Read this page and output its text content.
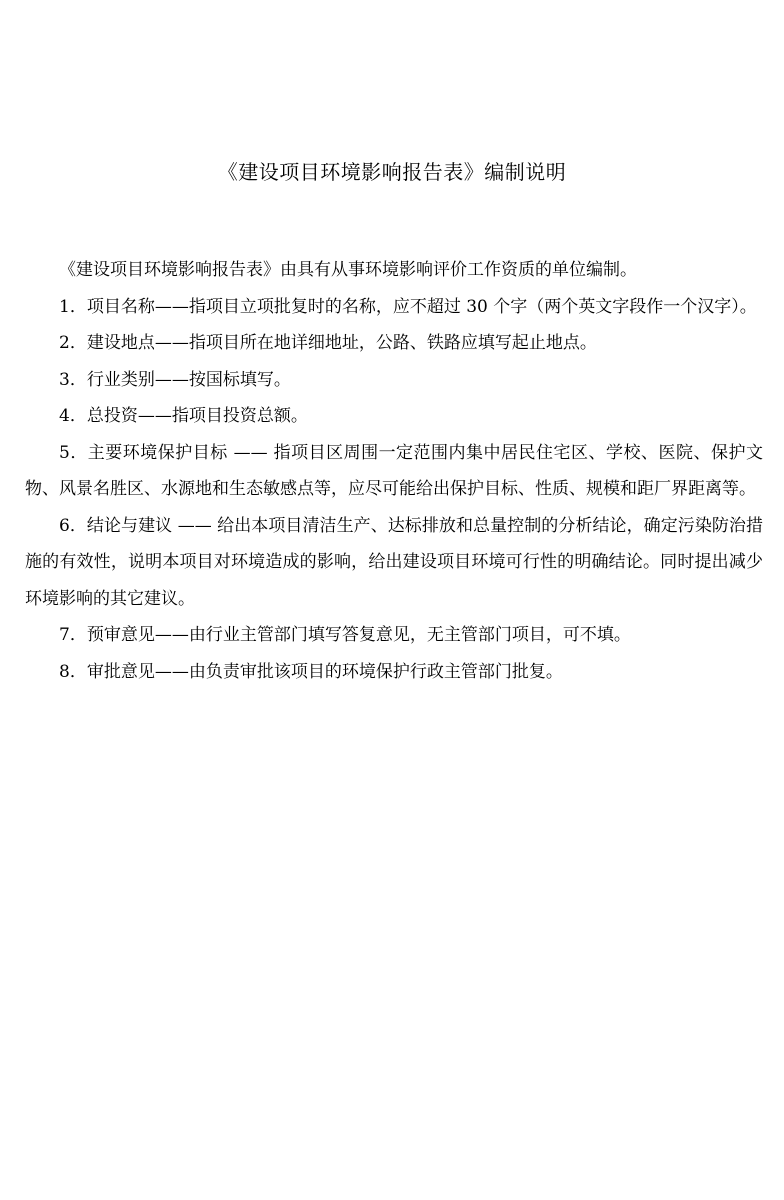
《建设项目环境影响报告表》编制说明

《建设项目环境影响报告表》由具有从事环境影响评价工作资质的单位编制。

1．项目名称——指项目立项批复时的名称，应不超过 30 个字（两个英文字段作一个汉字）。

2．建设地点——指项目所在地详细地址，公路、铁路应填写起止地点。

3．行业类别——按国标填写。

4．总投资——指项目投资总额。

5．主要环境保护目标 —— 指项目区周围一定范围内集中居民住宅区、学校、医院、保护文物、风景名胜区、水源地和生态敏感点等，应尽可能给出保护目标、性质、规模和距厂界距离等。

6．结论与建议 —— 给出本项目清洁生产、达标排放和总量控制的分析结论，确定污染防治措施的有效性，说明本项目对环境造成的影响，给出建设项目环境可行性的明确结论。同时提出减少环境影响的其它建议。

7．预审意见——由行业主管部门填写答复意见，无主管部门项目，可不填。

8．审批意见——由负责审批该项目的环境保护行政主管部门批复。
